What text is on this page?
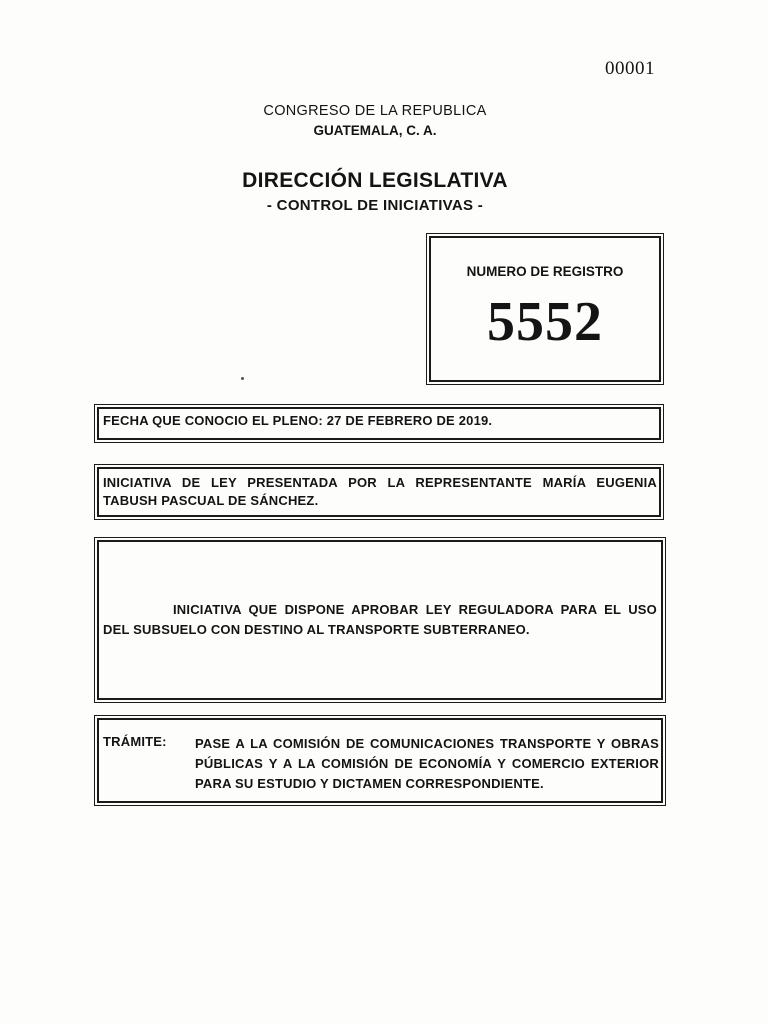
00001
CONGRESO DE LA REPUBLICA
GUATEMALA, C. A.
DIRECCIÓN LEGISLATIVA
- CONTROL DE INICIATIVAS -
NUMERO DE REGISTRO
5552
FECHA QUE CONOCIO EL PLENO: 27 DE FEBRERO DE 2019.
INICIATIVA DE LEY PRESENTADA POR LA REPRESENTANTE MARÍA EUGENIA TABUSH PASCUAL DE SÁNCHEZ.
INICIATIVA QUE DISPONE APROBAR LEY REGULADORA PARA EL USO DEL SUBSUELO CON DESTINO AL TRANSPORTE SUBTERRANEO.
TRÁMITE: PASE A LA COMISIÓN DE COMUNICACIONES TRANSPORTE Y OBRAS PÚBLICAS Y A LA COMISIÓN DE ECONOMÍA Y COMERCIO EXTERIOR PARA SU ESTUDIO Y DICTAMEN CORRESPONDIENTE.
